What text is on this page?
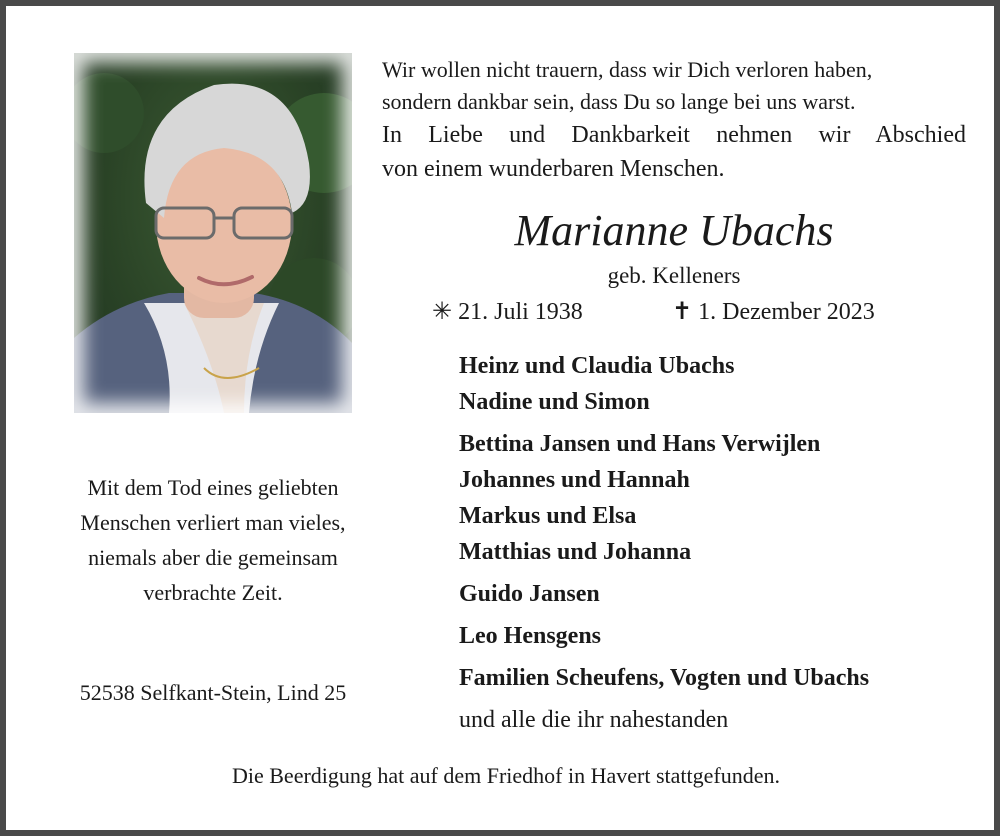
Wir wollen nicht trauern, dass wir Dich verloren haben,
sondern dankbar sein, dass Du so lange bei uns warst.
In Liebe und Dankbarkeit nehmen wir Abschied
von einem wunderbaren Menschen.
Marianne Ubachs
geb. Kelleners
✳ 21. Juli 1938	✝ 1. Dezember 2023
Heinz und Claudia Ubachs
Nadine und Simon
Bettina Jansen und Hans Verwijlen
Johannes und Hannah
Markus und Elsa
Matthias und Johanna
Guido Jansen
Leo Hensgens
Familien Scheufens, Vogten und Ubachs
und alle die ihr nahestanden
Mit dem Tod eines geliebten
Menschen verliert man vieles,
niemals aber die gemeinsam
verbrachte Zeit.
52538 Selfkant-Stein, Lind 25
Die Beerdigung hat auf dem Friedhof in Havert stattgefunden.
